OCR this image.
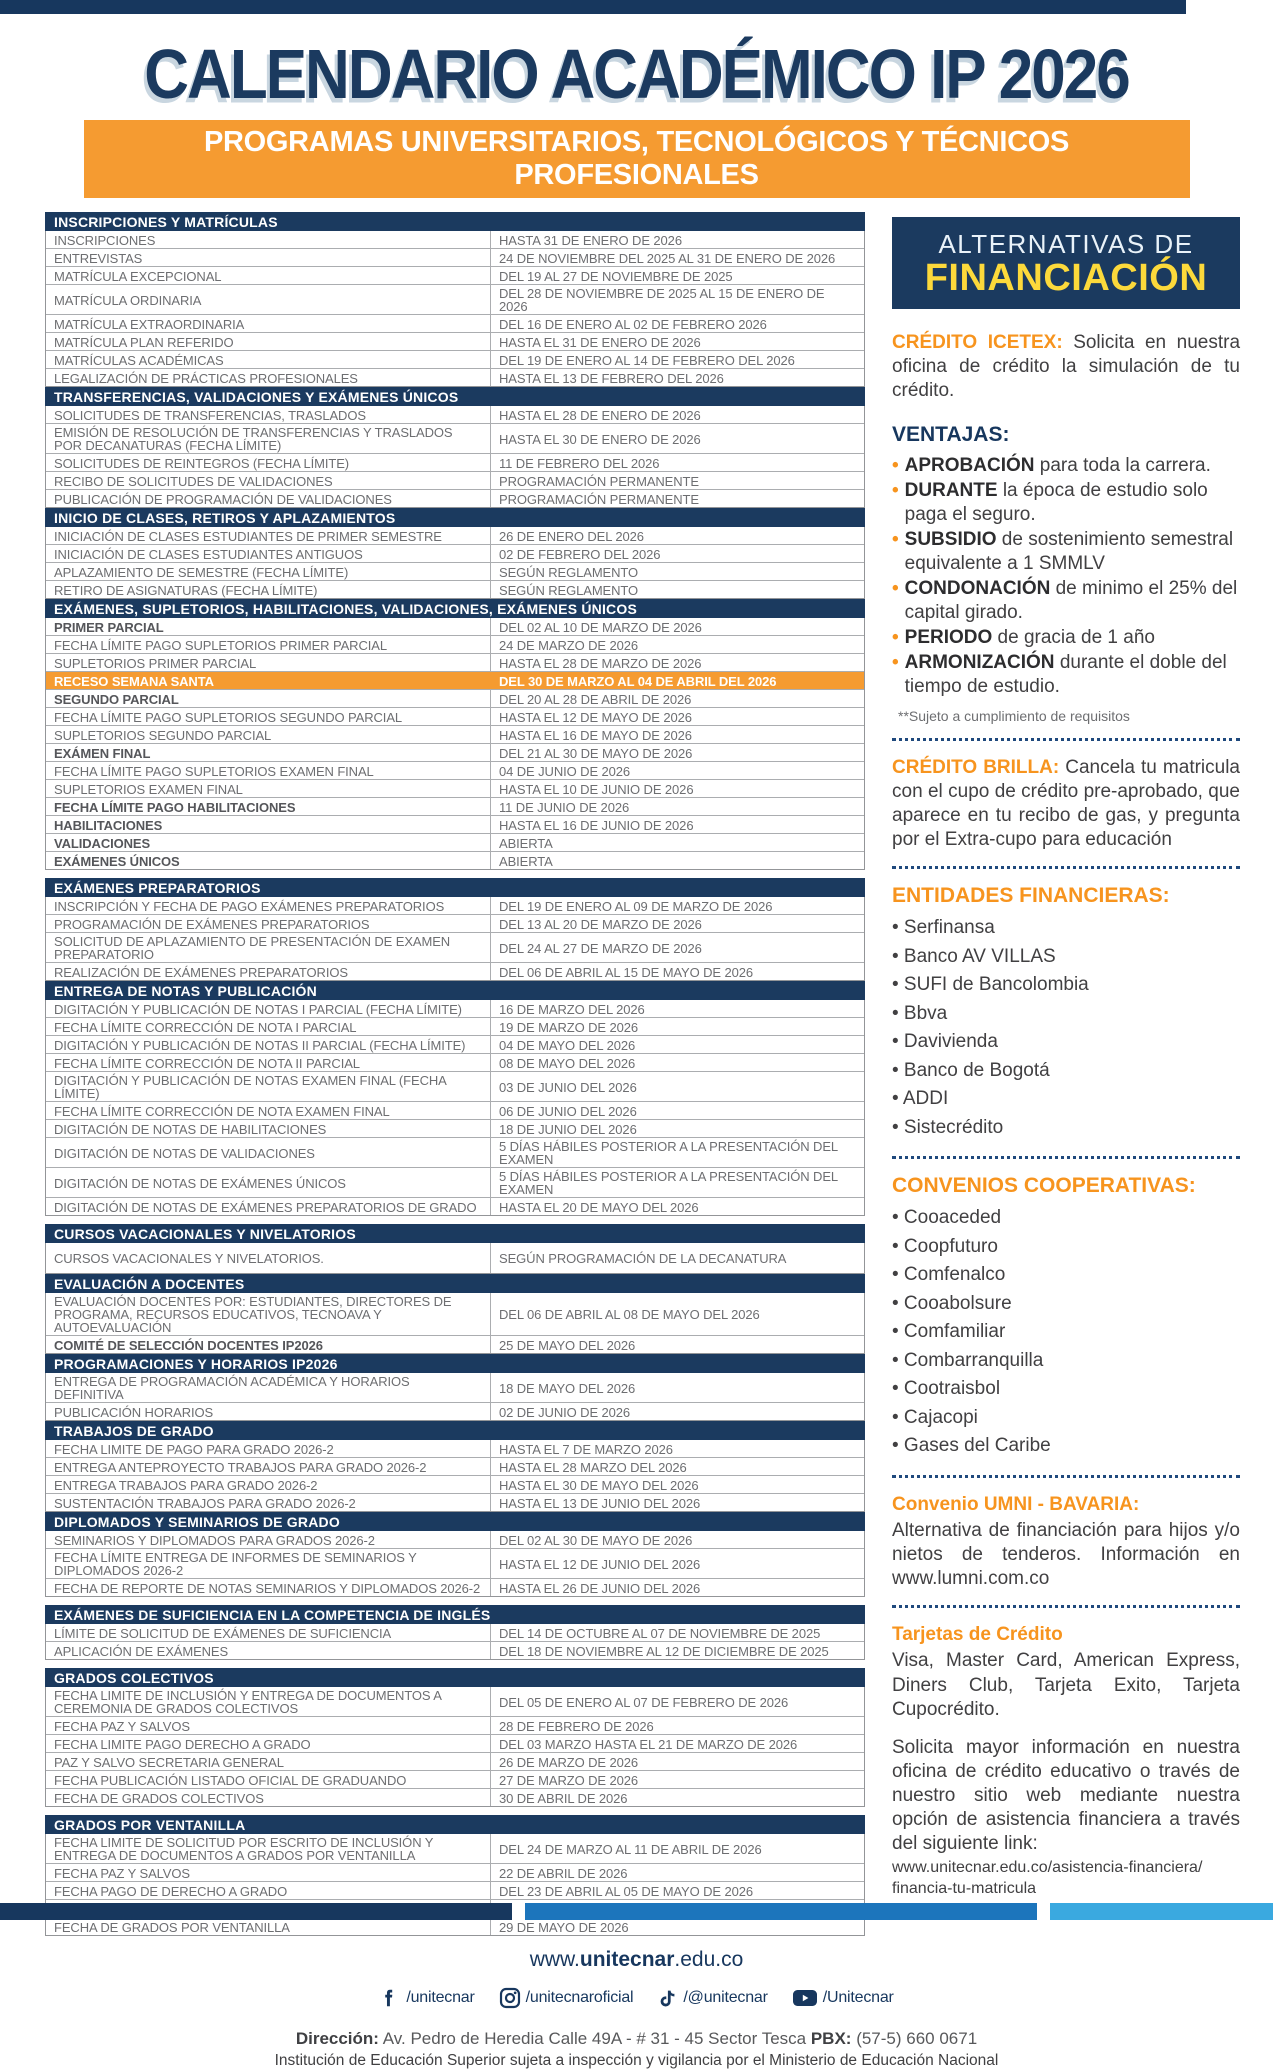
CALENDARIO ACADÉMICO IP 2026
PROGRAMAS UNIVERSITARIOS, TECNOLÓGICOS Y TÉCNICOS PROFESIONALES
INSCRIPCIONES Y MATRÍCULAS
INSCRIPCIONES	HASTA 31 DE ENERO DE 2026
ENTREVISTAS	24 DE NOVIEMBRE DEL 2025 AL 31 DE ENERO DE 2026
MATRÍCULA EXCEPCIONAL	DEL 19 AL 27 DE NOVIEMBRE DE 2025
MATRÍCULA ORDINARIA	DEL 28 DE NOVIEMBRE DE 2025 AL 15 DE ENERO DE 2026
MATRÍCULA EXTRAORDINARIA	DEL 16 DE ENERO AL 02 DE FEBRERO 2026
MATRÍCULA PLAN REFERIDO	HASTA EL 31 DE ENERO DE 2026
MATRÍCULAS ACADÉMICAS	DEL 19 DE ENERO AL 14 DE FEBRERO DEL 2026
LEGALIZACIÓN DE PRÁCTICAS PROFESIONALES	HASTA EL 13 DE FEBRERO DEL 2026
TRANSFERENCIAS, VALIDACIONES Y EXÁMENES ÚNICOS
SOLICITUDES DE TRANSFERENCIAS, TRASLADOS	HASTA EL 28 DE ENERO DE 2026
EMISIÓN DE RESOLUCIÓN DE TRANSFERENCIAS Y TRASLADOS POR DECANATURAS (FECHA LÍMITE)	HASTA EL 30 DE ENERO DE 2026
SOLICITUDES DE REINTEGROS (FECHA LÍMITE)	11 DE FEBRERO DEL 2026
RECIBO DE SOLICITUDES DE VALIDACIONES	PROGRAMACIÓN PERMANENTE
PUBLICACIÓN DE PROGRAMACIÓN DE VALIDACIONES	PROGRAMACIÓN PERMANENTE
INICIO DE CLASES, RETIROS Y APLAZAMIENTOS
INICIACIÓN DE CLASES ESTUDIANTES DE PRIMER SEMESTRE	26 DE ENERO DEL 2026
INICIACIÓN DE CLASES ESTUDIANTES ANTIGUOS	02 DE FEBRERO DEL 2026
APLAZAMIENTO DE SEMESTRE (FECHA LÍMITE)	SEGÚN REGLAMENTO
RETIRO DE ASIGNATURAS (FECHA LÍMITE)	SEGÚN REGLAMENTO
EXÁMENES, SUPLETORIOS, HABILITACIONES, VALIDACIONES, EXÁMENES ÚNICOS
PRIMER PARCIAL	DEL 02 AL 10 DE MARZO DE 2026
FECHA LÍMITE PAGO SUPLETORIOS PRIMER PARCIAL	24 DE MARZO DE 2026
SUPLETORIOS PRIMER PARCIAL	HASTA EL 28 DE MARZO DE 2026
RECESO SEMANA SANTA	DEL 30 DE MARZO AL 04 DE ABRIL DEL 2026
SEGUNDO PARCIAL	DEL 20 AL 28 DE ABRIL DE 2026
FECHA LÍMITE PAGO SUPLETORIOS SEGUNDO PARCIAL	HASTA EL 12 DE MAYO DE 2026
SUPLETORIOS SEGUNDO PARCIAL	HASTA EL 16 DE MAYO DE 2026
EXÁMEN FINAL	DEL 21 AL 30 DE MAYO DE 2026
FECHA LÍMITE PAGO SUPLETORIOS EXAMEN FINAL	04 DE JUNIO DE 2026
SUPLETORIOS EXAMEN FINAL	HASTA EL 10 DE JUNIO DE 2026
FECHA LÍMITE PAGO HABILITACIONES	11 DE JUNIO DE 2026
HABILITACIONES	HASTA EL 16 DE JUNIO DE 2026
VALIDACIONES	ABIERTA
EXÁMENES ÚNICOS	ABIERTA
EXÁMENES PREPARATORIOS
INSCRIPCIÓN Y FECHA DE PAGO EXÁMENES PREPARATORIOS	DEL 19 DE ENERO AL 09 DE MARZO DE 2026
PROGRAMACIÓN DE EXÁMENES PREPARATORIOS	DEL 13 AL 20 DE MARZO DE 2026
SOLICITUD DE APLAZAMIENTO DE PRESENTACIÓN DE EXAMEN PREPARATORIO	DEL 24 AL 27 DE MARZO DE 2026
REALIZACIÓN DE EXÁMENES PREPARATORIOS	DEL 06 DE ABRIL AL 15 DE MAYO DE 2026
ENTREGA DE NOTAS Y PUBLICACIÓN
DIGITACIÓN Y PUBLICACIÓN DE NOTAS I PARCIAL (FECHA LÍMITE)	16 DE MARZO DEL 2026
FECHA LÍMITE CORRECCIÓN DE NOTA I PARCIAL	19 DE MARZO DE 2026
DIGITACIÓN Y PUBLICACIÓN DE NOTAS II PARCIAL (FECHA LÍMITE)	04 DE MAYO DEL 2026
FECHA LÍMITE CORRECCIÓN DE NOTA II PARCIAL	08 DE MAYO DEL 2026
DIGITACIÓN Y PUBLICACIÓN DE NOTAS EXAMEN FINAL (FECHA LÍMITE)	03 DE JUNIO DEL 2026
FECHA LÍMITE CORRECCIÓN DE NOTA EXAMEN FINAL	06 DE JUNIO DEL 2026
DIGITACIÓN DE NOTAS DE HABILITACIONES	18 DE JUNIO DEL 2026
DIGITACIÓN DE NOTAS DE VALIDACIONES	5 DÍAS HÁBILES POSTERIOR A LA PRESENTACIÓN DEL EXAMEN
DIGITACIÓN DE NOTAS DE EXÁMENES ÚNICOS	5 DÍAS HÁBILES POSTERIOR A LA PRESENTACIÓN DEL EXAMEN
DIGITACIÓN DE NOTAS DE EXÁMENES PREPARATORIOS DE GRADO	HASTA EL 20 DE MAYO DEL 2026
CURSOS VACACIONALES Y NIVELATORIOS
CURSOS VACACIONALES Y NIVELATORIOS.	SEGÚN PROGRAMACIÓN DE LA DECANATURA
EVALUACIÓN A DOCENTES
EVALUACIÓN DOCENTES POR: ESTUDIANTES, DIRECTORES DE PROGRAMA, RECURSOS EDUCATIVOS, TECNOAVA Y AUTOEVALUACIÓN
DEL 06 DE ABRIL AL 08 DE MAYO DEL 2026
COMITÉ DE SELECCIÓN DOCENTES IP2026	25 DE MAYO DEL 2026
PROGRAMACIONES Y HORARIOS IP2026
ENTREGA DE PROGRAMACIÓN ACADÉMICA Y HORARIOS DEFINITIVA	18 DE MAYO DEL 2026
PUBLICACIÓN HORARIOS	02 DE JUNIO DE 2026
TRABAJOS DE GRADO
FECHA LIMITE DE PAGO PARA GRADO 2026-2	HASTA EL 7 DE MARZO 2026
ENTREGA ANTEPROYECTO TRABAJOS PARA GRADO 2026-2	HASTA EL 28 MARZO DEL 2026
ENTREGA TRABAJOS PARA GRADO 2026-2	HASTA EL 30 DE MAYO DEL 2026
SUSTENTACIÓN TRABAJOS PARA GRADO 2026-2	HASTA EL 13 DE JUNIO DEL 2026
DIPLOMADOS Y SEMINARIOS DE GRADO
SEMINARIOS Y DIPLOMADOS PARA GRADOS 2026-2	DEL 02 AL 30 DE MAYO DE 2026
FECHA LÍMITE ENTREGA DE INFORMES DE SEMINARIOS Y DIPLOMADOS 2026-2	HASTA EL 12 DE JUNIO DEL 2026
FECHA DE REPORTE DE NOTAS SEMINARIOS Y DIPLOMADOS 2026-2	HASTA EL 26 DE JUNIO DEL 2026
EXÁMENES DE SUFICIENCIA EN LA COMPETENCIA DE INGLÉS
LÍMITE DE SOLICITUD DE EXÁMENES DE SUFICIENCIA	DEL 14 DE OCTUBRE AL 07 DE NOVIEMBRE DE 2025
APLICACIÓN DE EXÁMENES	DEL 18 DE NOVIEMBRE AL 12 DE DICIEMBRE DE 2025
GRADOS COLECTIVOS
FECHA LIMITE DE INCLUSIÓN Y ENTREGA DE DOCUMENTOS A CEREMONIA DE GRADOS COLECTIVOS	DEL 05 DE ENERO AL 07 DE FEBRERO DE 2026
FECHA PAZ Y SALVOS	28 DE FEBRERO DE 2026
FECHA LIMITE PAGO DERECHO A GRADO	DEL 03 MARZO HASTA EL 21 DE MARZO DE 2026
PAZ Y SALVO SECRETARIA GENERAL	26 DE MARZO DE 2026
FECHA PUBLICACIÓN LISTADO OFICIAL DE GRADUANDO	27 DE MARZO DE 2026
FECHA DE GRADOS COLECTIVOS	30 DE ABRIL DE 2026
GRADOS POR VENTANILLA
FECHA LIMITE DE SOLICITUD POR ESCRITO DE INCLUSIÓN Y ENTREGA DE DOCUMENTOS A GRADOS POR VENTANILLA	DEL 24 DE MARZO AL 11 DE ABRIL DE 2026
FECHA PAZ Y SALVOS	22 DE ABRIL DE 2026
FECHA PAGO DE DERECHO A GRADO	DEL 23 DE ABRIL AL 05 DE MAYO DE 2026
FECHA DE GRADOS POR VENTANILLA	29 DE MAYO DE 2026
ALTERNATIVAS DE
FINANCIACIÓN
CRÉDITO ICETEX: Solicita en nuestra oficina de crédito la simulación de tu crédito.
VENTAJAS:
• APROBACIÓN para toda la carrera.
• DURANTE la época de estudio solo paga el seguro.
• SUBSIDIO de sostenimiento semestral equivalente a 1 SMMLV
• CONDONACIÓN de minimo el 25% del capital girado.
• PERIODO de gracia de 1 año
• ARMONIZACIÓN durante el doble del tiempo de estudio.
**Sujeto a cumplimiento de requisitos
CRÉDITO BRILLA: Cancela tu matricula con el cupo de crédito pre-aprobado, que aparece en tu recibo de gas, y pregunta por el Extra-cupo para educación
ENTIDADES FINANCIERAS:
• Serfinansa
• Banco AV VILLAS
• SUFI de Bancolombia
• Bbva
• Davivienda
• Banco de Bogotá
• ADDI
• Sistecrédito
CONVENIOS COOPERATIVAS:
• Cooaceded
• Coopfuturo
• Comfenalco
• Cooabolsure
• Comfamiliar
• Combarranquilla
• Cootraisbol
• Cajacopi
• Gases del Caribe
Convenio UMNI - BAVARIA:
Alternativa de financiación para hijos y/o nietos de tenderos. Información en www.lumni.com.co
Tarjetas de Crédito
Visa, Master Card, American Express, Diners Club, Tarjeta Exito, Tarjeta Cupocrédito.
Solicita mayor información en nuestra oficina de crédito educativo o través de nuestro sitio web mediante nuestra opción de asistencia financiera a través del siguiente link:
www.unitecnar.edu.co/asistencia-financiera/ financia-tu-matricula
www.unitecnar.edu.co
/unitecnar	/unitecnaroficial	/@unitecnar	/Unitecnar
Dirección: Av. Pedro de Heredia Calle 49A - # 31 - 45 Sector Tesca PBX: (57-5) 660 0671
Institución de Educación Superior sujeta a inspección y vigilancia por el Ministerio de Educación Nacional
